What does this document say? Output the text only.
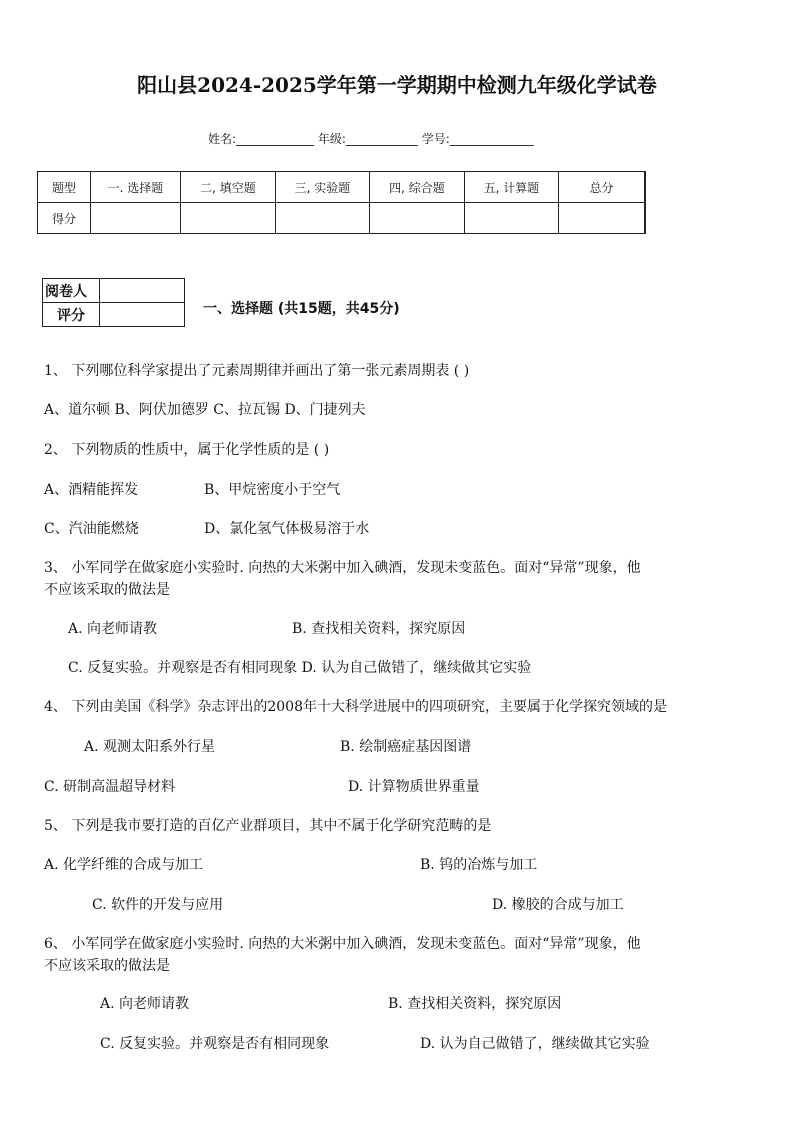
阳山县2024-2025学年第一学期期中检测九年级化学试卷
姓名:_____________ 年级:____________ 学号:______________
题型	一. 选择题	二, 填空题	三, 实验题	四, 综合题	五, 计算题	总分
得分						
阅卷人	
评分		一、选择题 (共15题，共45分)
1、 下列哪位科学家提出了元素周期律并画出了第一张元素周期表 ( )
A、道尔顿 B、阿伏加德罗 C、拉瓦锡 D、门捷列夫
2、 下列物质的性质中，属于化学性质的是 ( )
A、酒精能挥发	B、甲烷密度小于空气
C、汽油能燃烧	D、氯化氢气体极易溶于水
3、 小军同学在做家庭小实验时. 向热的大米粥中加入碘酒，发现未变蓝色。面对“异常”现象，他
不应该采取的做法是
A. 向老师请教	B. 查找相关资料，探究原因
C. 反复实验。并观察是否有相同现象 D. 认为自己做错了，继续做其它实验
4、 下列由美国《科学》杂志评出的2008年十大科学进展中的四项研究，主要属于化学探究领域的是
A. 观测太阳系外行星	B. 绘制癌症基因图谱
C. 研制高温超导材料	D. 计算物质世界重量
5、 下列是我市要打造的百亿产业群项目，其中不属于化学研究范畴的是
A. 化学纤维的合成与加工	B. 钨的冶炼与加工
C. 软件的开发与应用	D. 橡胶的合成与加工
6、 小军同学在做家庭小实验时. 向热的大米粥中加入碘酒，发现未变蓝色。面对“异常”现象，他
不应该采取的做法是
A. 向老师请教	B. 查找相关资料，探究原因
C. 反复实验。并观察是否有相同现象	D. 认为自己做错了，继续做其它实验
